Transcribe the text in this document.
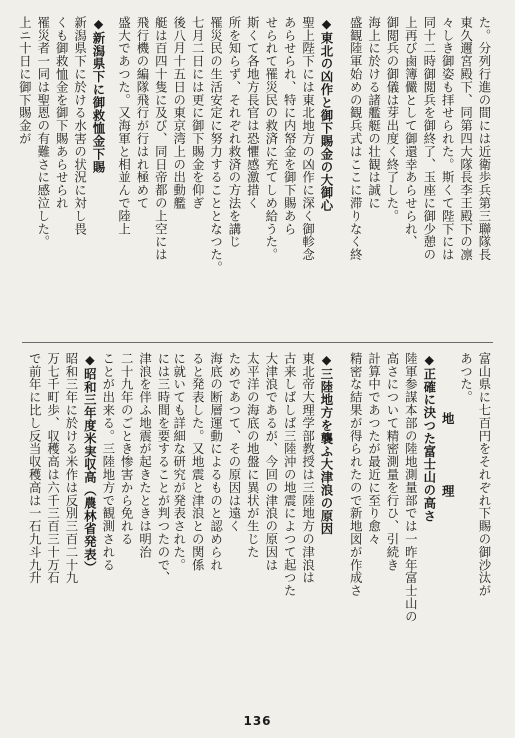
た。分列行進の間には近衛歩兵第三聯隊長
東久邇宮殿下、同第四大隊長李王殿下の凛
々しき御姿も拝せられた。斯くて陛下には
同十二時御閲兵を御終了、玉座に御少憩の
上再び鹵簿儼として御還幸あらせられ、
御閲兵の御儀は芽出度く終了した。
海上に於ける諸艦艇の壮観は誠に
盛観陸軍始めの観兵式はここに滞りなく終
◆東北の凶作と御下賜金の大御心
聖上陛下には東北地方の凶作に深く御軫念
あらせられ、特に内帑金を御下賜あら
せられて罹災民の救済に充てしめ給うた。
斯くて各地方長官は恐懼感激措く
所を知らず、それぞれ救済の方法を講じ
罹災民の生活安定に努力することとなつた。
七月二日には更に御下賜金を仰ぎ
後八月十五日の東京湾上の出動艦
艇は百四十隻に及び、同日帝都の上空には
飛行機の編隊飛行が行はれ極めて
盛大であつた。又海軍と相並んで陸上
◆新潟県下に御救恤金下賜
新潟県下に於ける水害の状況に対し畏
くも御救恤金を御下賜あらせられ
罹災者一同は聖恩の有難さに感泣した。
上ニ十日に御下賜金が
富山県に七百円をそれぞれ下賜の御沙汰が
あつた。
地　理
◆正確に決つた富士山の高さ
陸軍参謀本部の陸地測量部では一昨年富士山の
高さについて精密測量を行ひ、引続き
計算中であつたが最近に至り愈々
精密な結果が得られたので新地図が作成さ
◆三陸地方を襲ふ大津浪の原因
東北帝大理学部教授は三陸地方の津浪は
古来しばしば三陸沖の地震によつて起つた
大津浪であるが、今回の津浪の原因は
太平洋の海底の地盤に異状が生じた
ためであつて、その原因は遠く
海底の断層運動によるものと認められ
ると発表した。又地震と津浪との関係
に就いても詳細な研究が発表された。
には三時間を要することが判つたので、
津浪を伴ふ地震が起きたときは明治
二十九年のごとき惨害から免れる
ことが出来る。三陸地方で観測される
◆昭和三年度米実収高（農林省発表）
昭和三年に於ける米作は反別三百二十九
万七千町歩、収穫高は六千三百三十万石
で前年に比し反当収穫高は一石九斗九升
136
